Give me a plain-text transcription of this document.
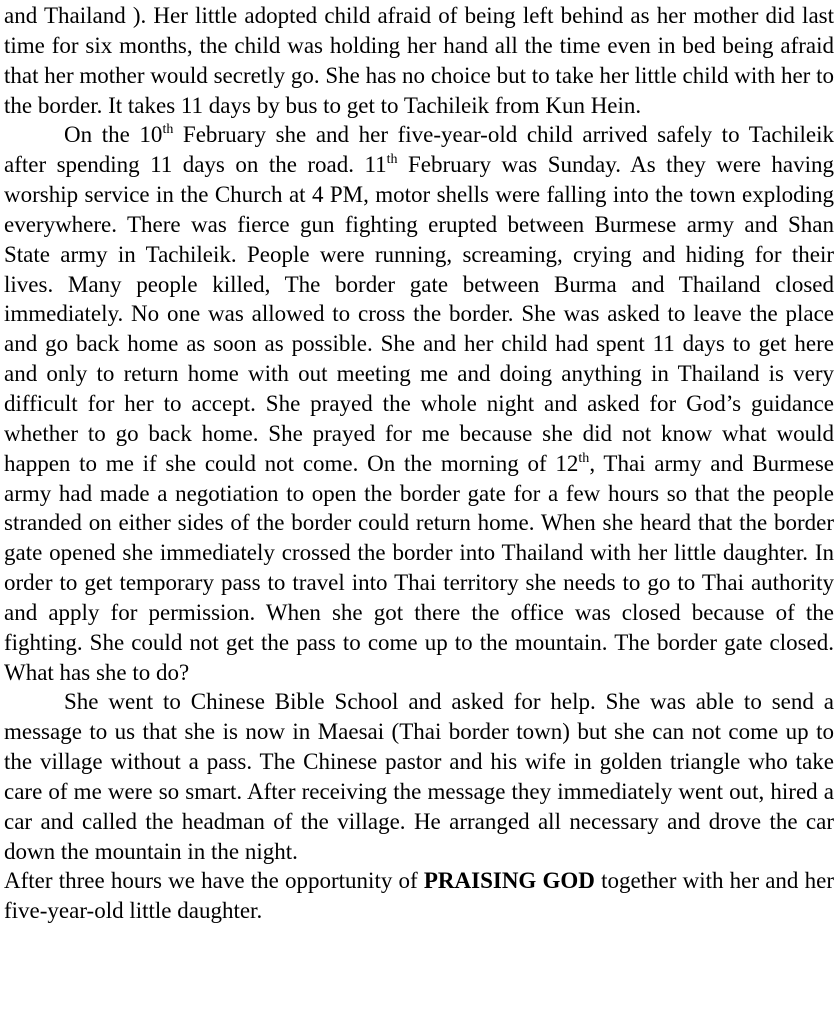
and Thailand ). Her little adopted child afraid of being left behind as her mother did last time for six months, the child was holding her hand all the time even in bed being afraid that her mother would secretly go. She has no choice but to take her little child with her to the border. It takes 11 days by bus to get to Tachileik from Kun Hein.

On the 10th February she and her five-year-old child arrived safely to Tachileik after spending 11 days on the road. 11th February was Sunday. As they were having worship service in the Church at 4 PM, motor shells were falling into the town exploding everywhere. There was fierce gun fighting erupted between Burmese army and Shan State army in Tachileik. People were running, screaming, crying and hiding for their lives. Many people killed, The border gate between Burma and Thailand closed immediately. No one was allowed to cross the border. She was asked to leave the place and go back home as soon as possible. She and her child had spent 11 days to get here and only to return home with out meeting me and doing anything in Thailand is very difficult for her to accept. She prayed the whole night and asked for God’s guidance whether to go back home. She prayed for me because she did not know what would happen to me if she could not come. On the morning of 12th, Thai army and Burmese army had made a negotiation to open the border gate for a few hours so that the people stranded on either sides of the border could return home. When she heard that the border gate opened she immediately crossed the border into Thailand with her little daughter. In order to get temporary pass to travel into Thai territory she needs to go to Thai authority and apply for permission. When she got there the office was closed because of the fighting. She could not get the pass to come up to the mountain. The border gate closed. What has she to do?

She went to Chinese Bible School and asked for help. She was able to send a message to us that she is now in Maesai (Thai border town) but she can not come up to the village without a pass. The Chinese pastor and his wife in golden triangle who take care of me were so smart. After receiving the message they immediately went out, hired a car and called the headman of the village. He arranged all necessary and drove the car down the mountain in the night.

After three hours we have the opportunity of PRAISING GOD together with her and her five-year-old little daughter.
